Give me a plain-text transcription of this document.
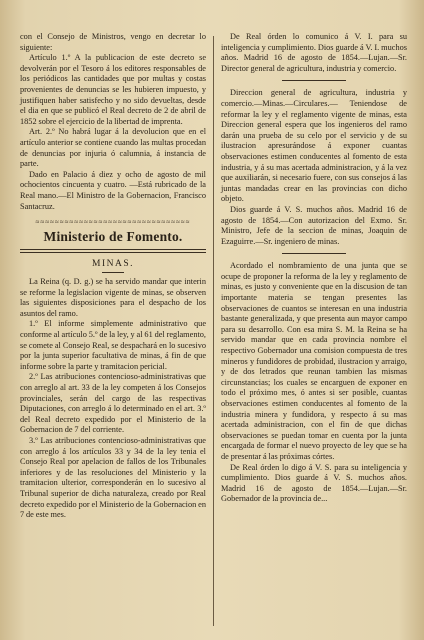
con el Consejo de Ministros, vengo en decretar lo siguiente:

Artículo 1.º A la publicacion de este decreto se devolverán por el Tesoro á los editores responsables de los periódicos las cantidades que por multas y costas provenientes de denuncias se les hubieren impuesto, y justifiquen haber satisfecho y no sido devueltas, desde el dia en que se publicó el Real decreto de 2 de abril de 1852 sobre el ejercicio de la libertad de imprenta.

Art. 2.º No habrá lugar á la devolucion que en el artículo anterior se contiene cuando las multas procedan de denuncias por injuria ó calumnia, á instancia de parte.

Dado en Palacio á diez y ocho de agosto de mil ochocientos cincuenta y cuatro. —Está rubricado de la Real mano.—El Ministro de la Gobernacion, Francisco Santacruz.

≈≈≈≈≈≈≈≈≈≈≈≈≈≈≈≈≈≈≈≈≈≈≈≈≈≈≈≈≈≈≈≈
Ministerio de Fomento.
MINAS.

La Reina (q. D. g.) se ha servido mandar que interin se reforme la legislacion vigente de minas, se observen las siguientes disposiciones para el despacho de los asuntos del ramo.

1.º El informe simplemente administrativo que conforme al artículo 5.º de la ley, y al 61 del reglamento, se comete al Consejo Real, se despachará en lo sucesivo por la junta superior facultativa de minas, á fin de que informe sobre la parte y tramitacion pericial.

2.º Las atribuciones contencioso-administrativas que con arreglo al art. 33 de la ley competen á los Consejos provinciales, serán del cargo de las respectivas Diputaciones, con arreglo á lo determinado en el art. 3.º del Real decreto expedido por el Ministerio de la Gobernacion de 7 del corriente.

3.º Las atribuciones contencioso-administrativas que con arreglo á los artículos 33 y 34 de la ley tenia el Consejo Real por apelacion de fallos de los Tribunales inferiores y de las resoluciones del Ministerio y la tramitacion ulterior, corresponderán en lo sucesivo al Tribunal superior de dicha naturaleza, creado por Real decreto expedido por el Ministerio de la Gobernacion en 7 de este mes.

De Real órden lo comunico á V. I. para su inteligencia y cumplimiento. Dios guarde á V. I. muchos años. Madrid 16 de agosto de 1854.—Lujan.—Sr. Director general de agricultura, industria y comercio.

Direccion general de agricultura, industria y comercio.—Minas.—Circulares.— Teniendose de reformar la ley y el reglamento vigente de minas, esta Direccion general espera que los ingenieros del ramo darán una prueba de su celo por el servicio y de su ilustracion apresurándose á exponer cuantas observaciones estimen conducentes al fomento de esta industria, y á su mas acertada administracion, y á la vez que auxiliarán, si necesario fuere, con sus consejos á las juntas mandadas crear en las provincias con dicho objeto.

Dios guarde á V. S. muchos años. Madrid 16 de agosto de 1854.—Con autorizacion del Exmo. Sr. Ministro, Jefe de la seccion de minas, Joaquin de Ezaguirre.—Sr. ingeniero de minas.

Acordado el nombramiento de una junta que se ocupe de proponer la reforma de la ley y reglamento de minas, es justo y conveniente que en la discusion de tan importante materia se tengan presentes las observaciones de cuantos se interesan en una industria bastante generalizada, y que presenta aun mayor campo para su desarrollo. Con esa mira S. M. la Reina se ha servido mandar que en cada provincia nombre el respectivo Gobernador una comision compuesta de tres mineros y fundidores de probidad, ilustracion y arraigo, y de dos letrados que reunan tambien las mismas circunstancias; los cuales se encarguen de exponer en todo el próximo mes, ó antes si ser posible, cuantas observaciones estimen conducentes al fomento de la industria minera y fundidora, y respecto á su mas acertada administracion, con el fin de que dichas observaciones se puedan tomar en cuenta por la junta encargada de formar el nuevo proyecto de ley que se ha de presentar á las próximas córtes.

De Real órden lo digo á V. S. para su inteligencia y cumplimiento. Dios guarde á V. S. muchos años. Madrid 16 de agosto de 1854.—Lujan.—Sr. Gobernador de la provincia de...
